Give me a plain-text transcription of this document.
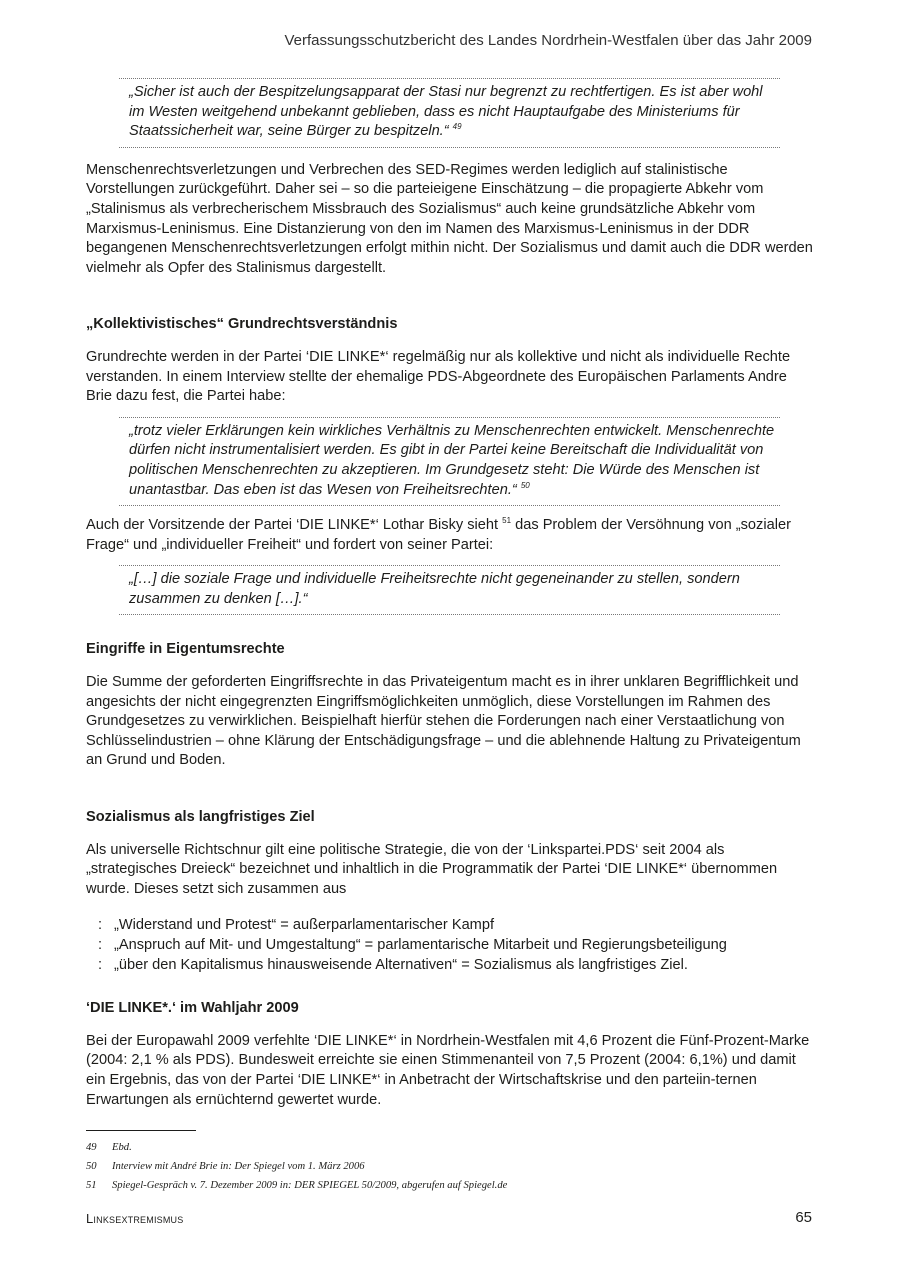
Verfassungsschutzbericht des Landes Nordrhein-Westfalen über das Jahr 2009
„Sicher ist auch der Bespitzelungsapparat der Stasi nur begrenzt zu rechtfertigen. Es ist aber wohl im Westen weitgehend unbekannt geblieben, dass es nicht Hauptaufgabe des Ministeriums für Staatssicherheit war, seine Bürger zu bespitzeln.“ $^{49}$

Menschenrechtsverletzungen und Verbrechen des SED-Regimes werden lediglich auf stalinistische Vorstellungen zurückgeführt. Daher sei – so die parteieigene Einschätzung – die propagierte Abkehr vom „Stalinismus als verbrecherischem Missbrauch des Sozialismus“ auch keine grundsätzliche Abkehr vom Marxismus-Leninismus. Eine Distanzierung von den im Namen des Marxismus-Leninismus in der DDR begangenen Menschenrechtsverletzungen erfolgt mithin nicht. Der Sozialismus und damit auch die DDR werden vielmehr als Opfer des Stalinismus dargestellt.

„Kollektivistisches“ Grundrechtsverständnis

Grundrechte werden in der Partei ‘DIE LINKE*‘ regelmäßig nur als kollektive und nicht als individuelle Rechte verstanden. In einem Interview stellte der ehemalige PDS-Abgeordnete des Europäischen Parlaments Andre Brie dazu fest, die Partei habe:

„trotz vieler Erklärungen kein wirkliches Verhältnis zu Menschenrechten entwickelt. Menschenrechte dürfen nicht instrumentalisiert werden. Es gibt in der Partei keine Bereitschaft die Individualität von politischen Menschenrechten zu akzeptieren. Im Grundgesetz steht: Die Würde des Menschen ist unantastbar. Das eben ist das Wesen von Freiheitsrechten.“ $^{50}$

Auch der Vorsitzende der Partei ‘DIE LINKE*‘ Lothar Bisky sieht $^{51}$ das Problem der Versöhnung von „sozialer Frage“ und „individueller Freiheit“ und fordert von seiner Partei:

„[…] die soziale Frage und individuelle Freiheitsrechte nicht gegeneinander zu stellen, sondern zusammen zu denken […].“
Eingriffe in Eigentumsrechte

Die Summe der geforderten Eingriffsrechte in das Privateigentum macht es in ihrer unklaren Begrifflichkeit und angesichts der nicht eingegrenzten Eingriffsmöglichkeiten unmöglich, diese Vorstellungen im Rahmen des Grundgesetzes zu verwirklichen. Beispielhaft hierfür stehen die Forderungen nach einer Verstaatlichung von Schlüsselindustrien – ohne Klärung der Entschädigungsfrage – und die ablehnende Haltung zu Privateigentum an Grund und Boden.

Sozialismus als langfristiges Ziel

Als universelle Richtschnur gilt eine politische Strategie, die von der ‘Linkspartei.PDS‘ seit 2004 als „strategisches Dreieck“ bezeichnet und inhaltlich in die Programmatik der Partei ‘DIE LINKE*‘ übernommen wurde. Dieses setzt sich zusammen aus

: „Widerstand und Protest“ = außerparlamentarischer Kampf
: „Anspruch auf Mit- und Umgestaltung“ = parlamentarische Mitarbeit und Regierungsbeteiligung
: „über den Kapitalismus hinausweisende Alternativen“ = Sozialismus als langfristiges Ziel.
‘DIE LINKE*.‘ im Wahljahr 2009

Bei der Europawahl 2009 verfehlte ‘DIE LINKE*‘ in Nordrhein-Westfalen mit 4,6 Prozent die Fünf-Prozent-Marke (2004: 2,1 % als PDS). Bundesweit erreichte sie einen Stimmenanteil von 7,5 Prozent (2004: 6,1%) und damit ein Ergebnis, das von der Partei ‘DIE LINKE*‘ in Anbetracht der Wirtschaftskrise und den parteiin-ternen Erwartungen als ernüchternd gewertet wurde.

49 Ebd.
50 Interview mit André Brie in: Der Spiegel vom 1. März 2006
51 Spiegel-Gespräch v. 7. Dezember 2009 in: DER SPIEGEL 50/2009, abgerufen auf Spiegel.de
Linksextremismus	65
